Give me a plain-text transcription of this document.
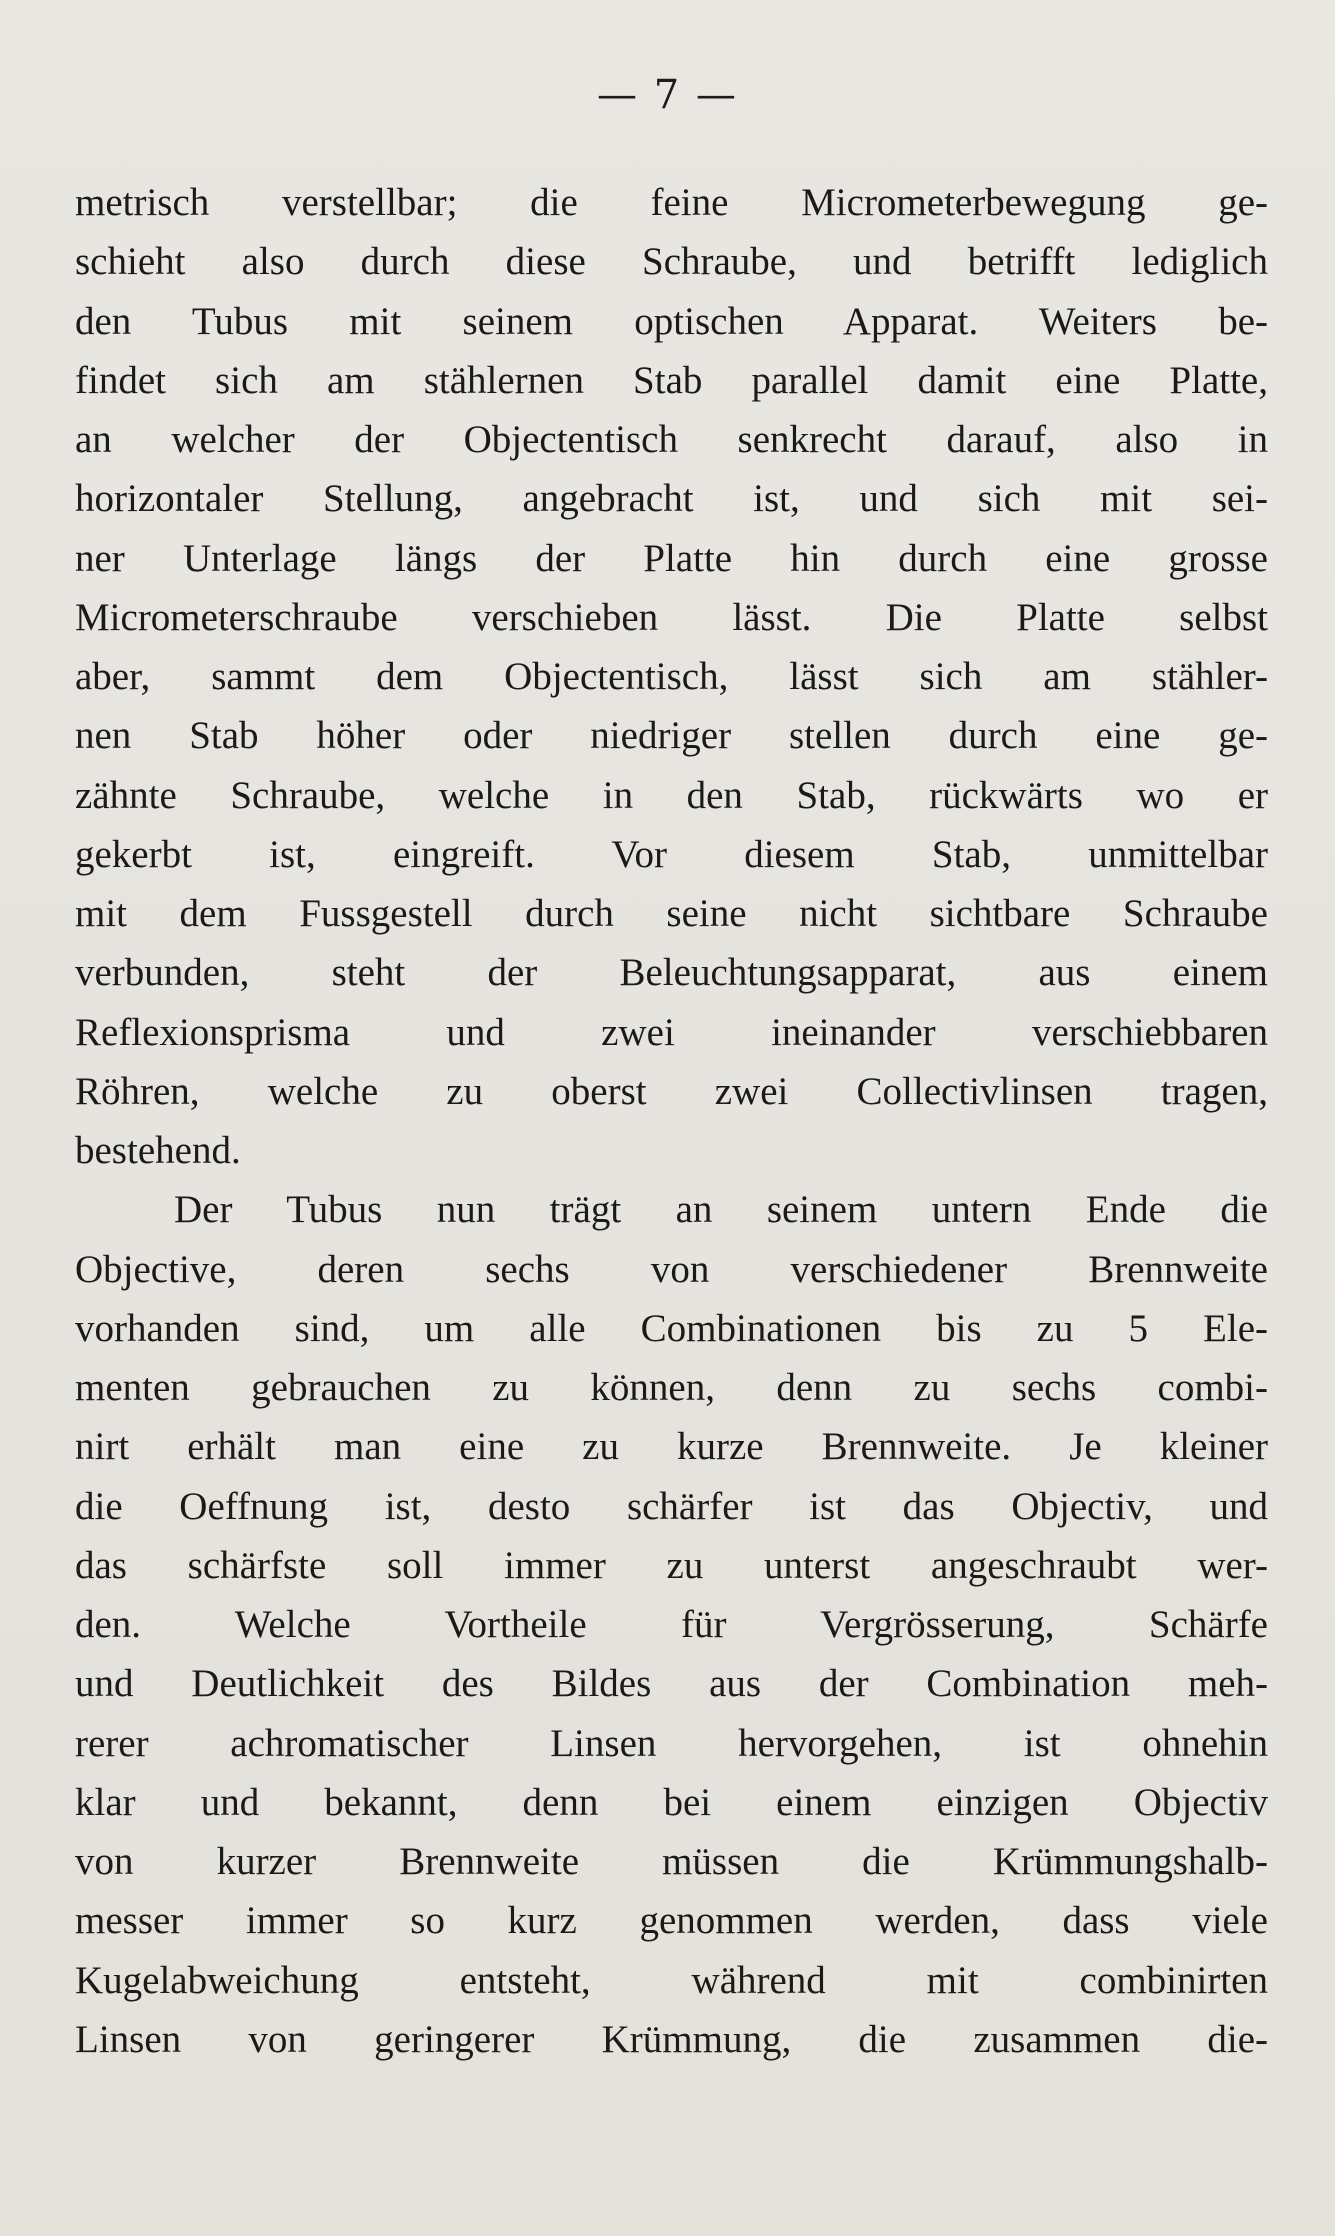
— 7 —
metrisch verstellbar; die feine Micrometerbewegung ge-
schieht also durch diese Schraube, und betrifft lediglich
den Tubus mit seinem optischen Apparat. Weiters be-
findet sich am stählernen Stab parallel damit eine Platte,
an welcher der Objectentisch senkrecht darauf, also in
horizontaler Stellung, angebracht ist, und sich mit sei-
ner Unterlage längs der Platte hin durch eine grosse
Micrometerschraube verschieben lässt. Die Platte selbst
aber, sammt dem Objectentisch, lässt sich am stähler-
nen Stab höher oder niedriger stellen durch eine ge-
zähnte Schraube, welche in den Stab, rückwärts wo er
gekerbt ist, eingreift. Vor diesem Stab, unmittelbar
mit dem Fussgestell durch seine nicht sichtbare Schraube
verbunden, steht der Beleuchtungsapparat, aus einem
Reflexionsprisma und zwei ineinander verschiebbaren
Röhren, welche zu oberst zwei Collectivlinsen tragen,
bestehend.
Der Tubus nun trägt an seinem untern Ende die
Objective, deren sechs von verschiedener Brennweite
vorhanden sind, um alle Combinationen bis zu 5 Ele-
menten gebrauchen zu können, denn zu sechs combi-
nirt erhält man eine zu kurze Brennweite. Je kleiner
die Oeffnung ist, desto schärfer ist das Objectiv, und
das schärfste soll immer zu unterst angeschraubt wer-
den. Welche Vortheile für Vergrösserung, Schärfe
und Deutlichkeit des Bildes aus der Combination meh-
rerer achromatischer Linsen hervorgehen, ist ohnehin
klar und bekannt, denn bei einem einzigen Objectiv
von kurzer Brennweite müssen die Krümmungshalb-
messer immer so kurz genommen werden, dass viele
Kugelabweichung entsteht, während mit combinirten
Linsen von geringerer Krümmung, die zusammen die-
